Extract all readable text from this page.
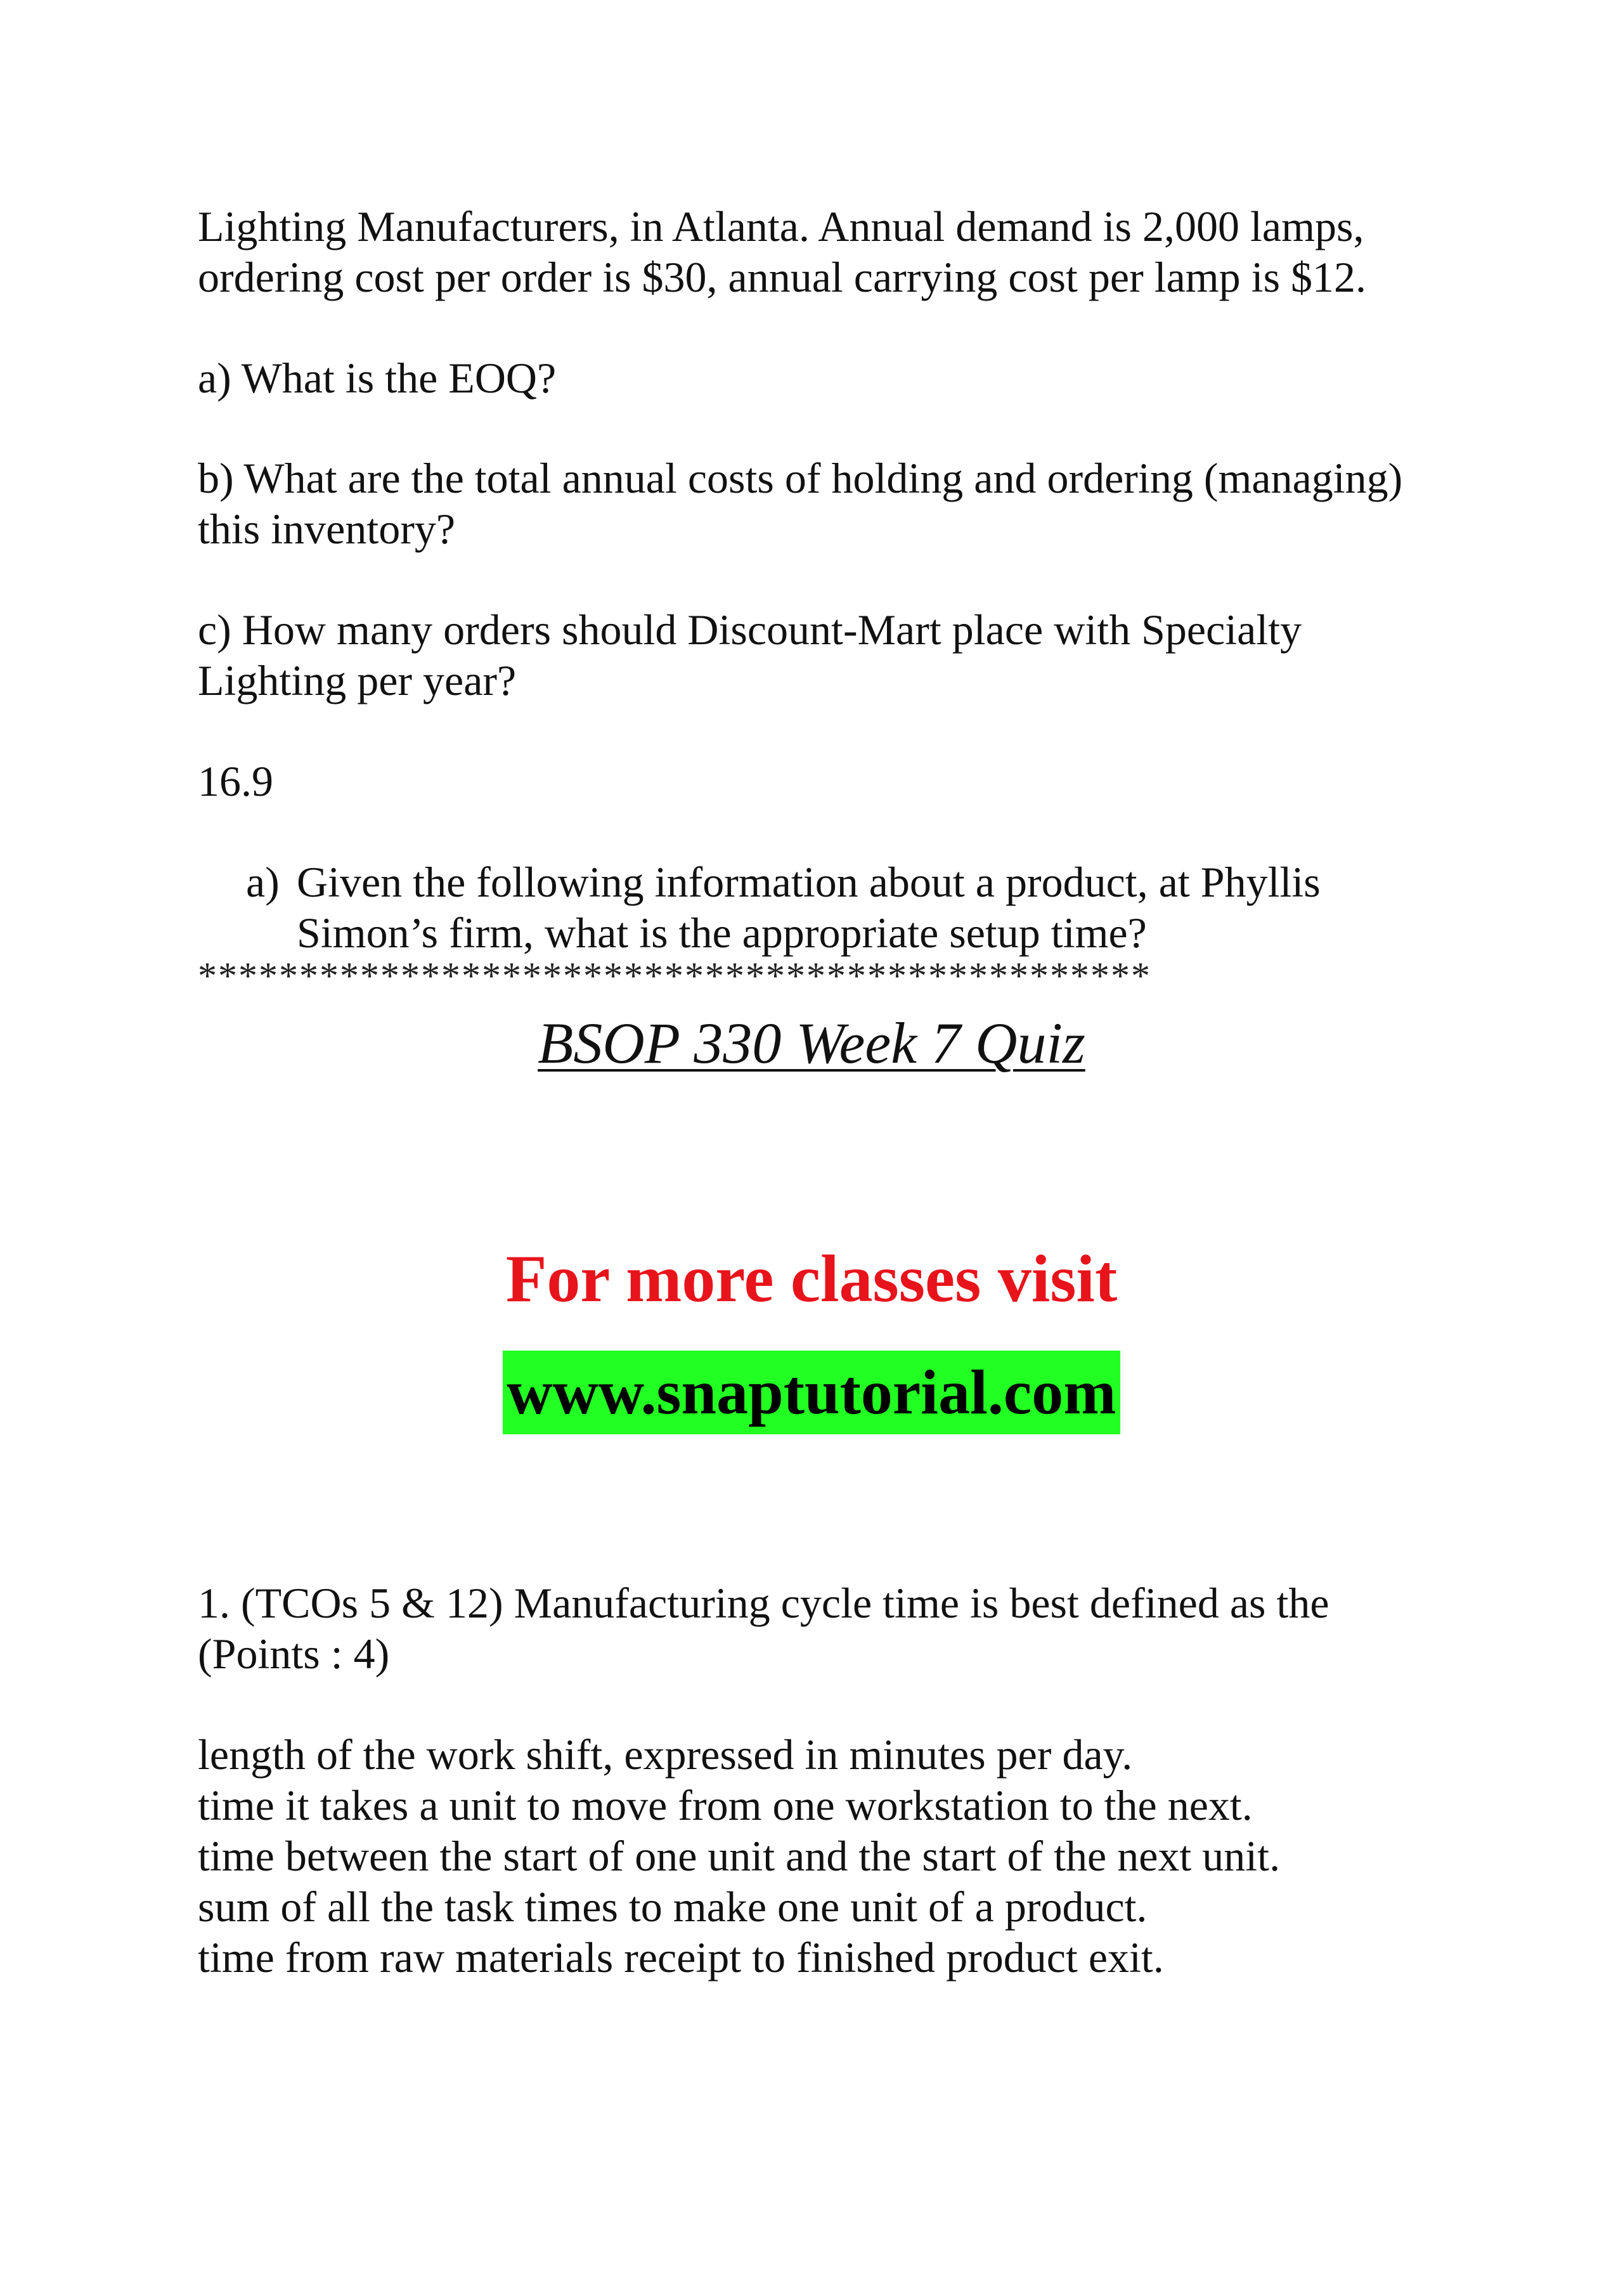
Lighting Manufacturers, in Atlanta. Annual demand is 2,000 lamps,
ordering cost per order is $30, annual carrying cost per lamp is $12.
a) What is the EOQ?
b) What are the total annual costs of holding and ordering (managing)
this inventory?
c) How many orders should Discount-Mart place with Specialty
Lighting per year?
16.9
a) Given the following information about a product, at Phyllis
Simon’s firm, what is the appropriate setup time?
***********************************************
BSOP 330 Week 7 Quiz
For more classes visit
www.snaptutorial.com
1. (TCOs 5 & 12) Manufacturing cycle time is best defined as the
(Points : 4)
length of the work shift, expressed in minutes per day.
time it takes a unit to move from one workstation to the next.
time between the start of one unit and the start of the next unit.
sum of all the task times to make one unit of a product.
time from raw materials receipt to finished product exit.
